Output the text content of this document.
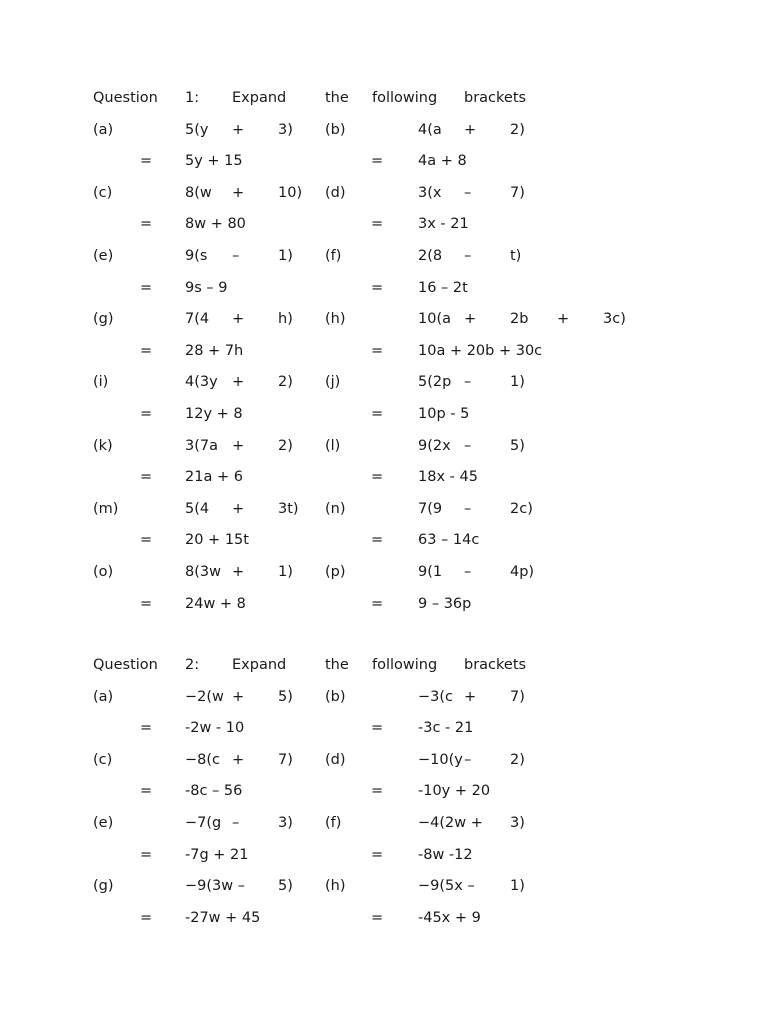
Question 1: Expand	the following brackets
(a)	5(y + 3) (b)	4(a + 2)
= 5y + 15	= 4a + 8
(c)	8(w + 10) (d)	3(x –	7)
= 8w + 80	= 3x - 21
(e)	9(s –	1) (f)	2(8 –	t)
= 9s – 9	= 16 – 2t
(g)	7(4 + h) (h)	10(a + 2b + 3c)
= 28 + 7h	= 10a + 20b + 30c
(i)	4(3y + 2) (j)	5(2p –	1)
= 12y + 8	= 10p - 5
(k)	3(7a + 2) (l)	9(2x –	5)
= 21a + 6	= 18x - 45
(m)	5(4 + 3t) (n)	7(9 –	2c)
= 20 + 15t	= 63 – 14c
(o)	8(3w + 1) (p)	9(1 –	4p)
= 24w + 8	= 9 – 36p
Question 2: Expand	the following brackets
(a)	−2(w + 5) (b)	−3(c + 7)
= -2w - 10	= -3c - 21
(c)	−8(c + 7) (d)	−10(y –	2)
= -8c – 56	= -10y + 20
(e)	−7(g –	3) (f)	−4(2w + 3)
= -7g + 21	= -8w -12
(g)	−9(3w – 5) (h)	−9(5x – 1)
= -27w + 45	= -45x + 9
